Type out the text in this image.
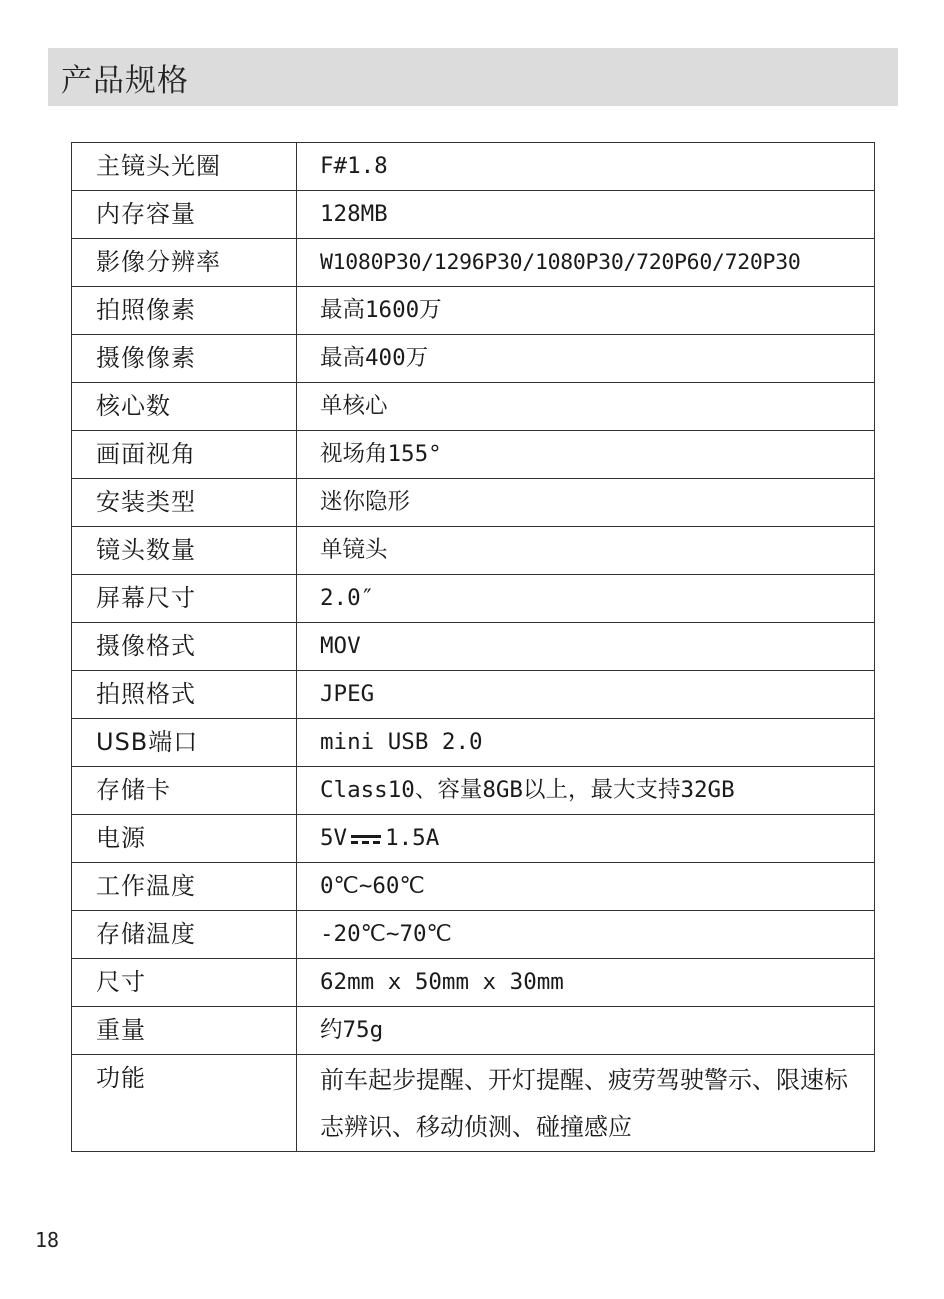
产品规格
主镜头光圈	F#1.8
内存容量	128MB
影像分辨率	W1080P30/1296P30/1080P30/720P60/720P30
拍照像素	最高1600万
摄像像素	最高400万
核心数	单核心
画面视角	视场角155°
安装类型	迷你隐形
镜头数量	单镜头
屏幕尺寸	2.0″
摄像格式	MOV
拍照格式	JPEG
USB端口	mini USB 2.0
存储卡	Class10、容量8GB以上，最大支持32GB
电源	5V 1.5A
工作温度	0℃~60℃
存储温度	-20℃~70℃
尺寸	62mm x 50mm x 30mm
重量	约75g
功能	前车起步提醒、开灯提醒、疲劳驾驶警示、限速标志辨识、移动侦测、碰撞感应
18
